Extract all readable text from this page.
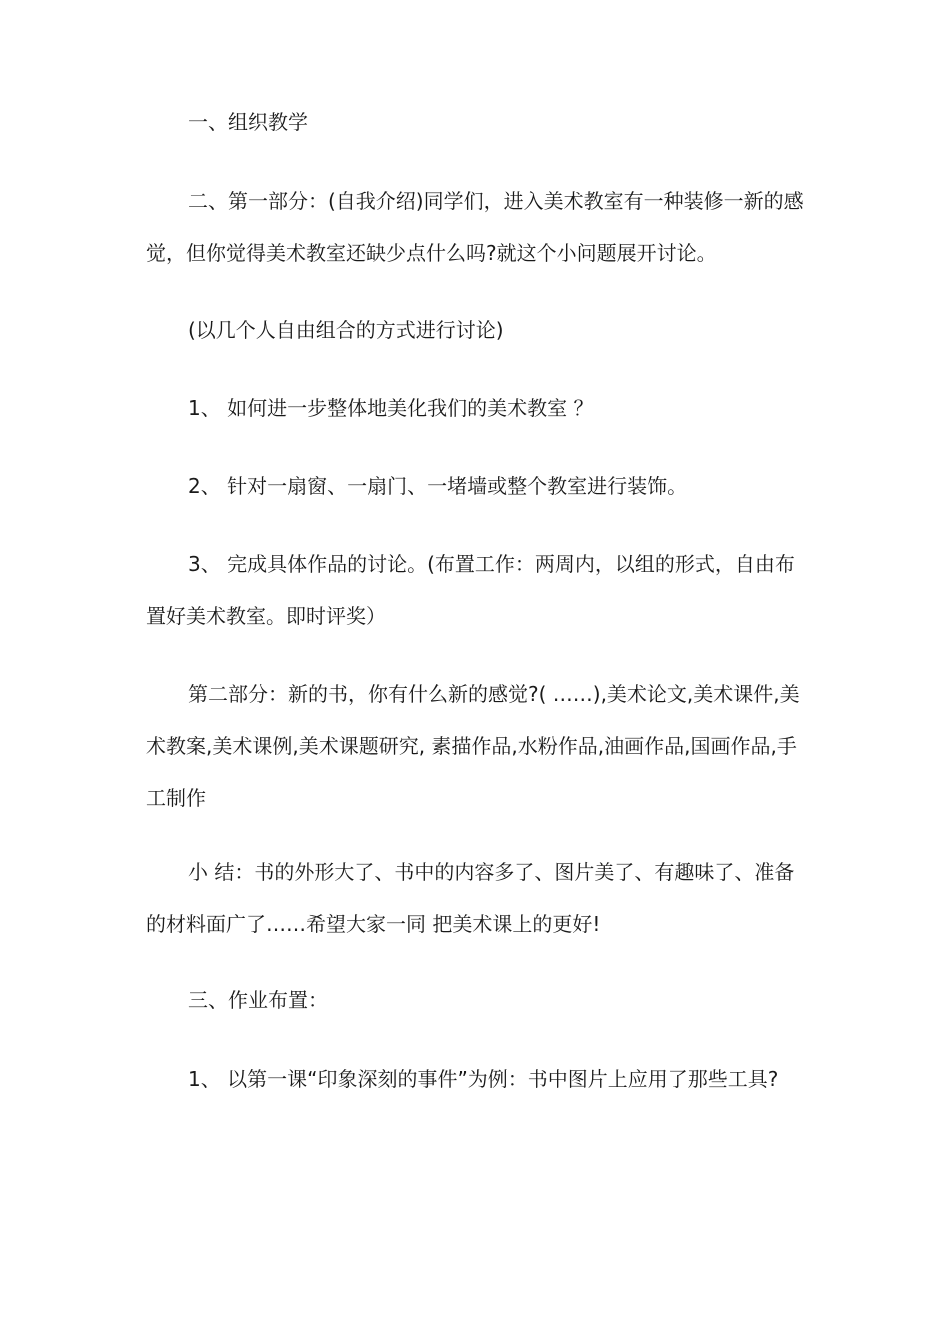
一、组织教学

二、第一部分：(自我介绍)同学们，进入美术教室有一种装修一新的感觉，但你觉得美术教室还缺少点什么吗?就这个小问题展开讨论。

(以几个人自由组合的方式进行讨论)

1、 如何进一步整体地美化我们的美术教室 ？

2、 针对一扇窗、一扇门、一堵墙或整个教室进行装饰。

3、 完成具体作品的讨论。(布置工作：两周内，以组的形式，自由布置好美术教室。即时评奖）

第二部分：新的书，你有什么新的感觉?( ……),美术论文,美术课件,美术教案,美术课例,美术课题研究, 素描作品,水粉作品,油画作品,国画作品,手工制作

小 结：书的外形大了、书中的内容多了、图片美了、有趣味了、准备的材料面广了……希望大家一同 把美术课上的更好!

三、作业布置：

1、 以第一课“印象深刻的事件”为例：书中图片上应用了那些工具?
